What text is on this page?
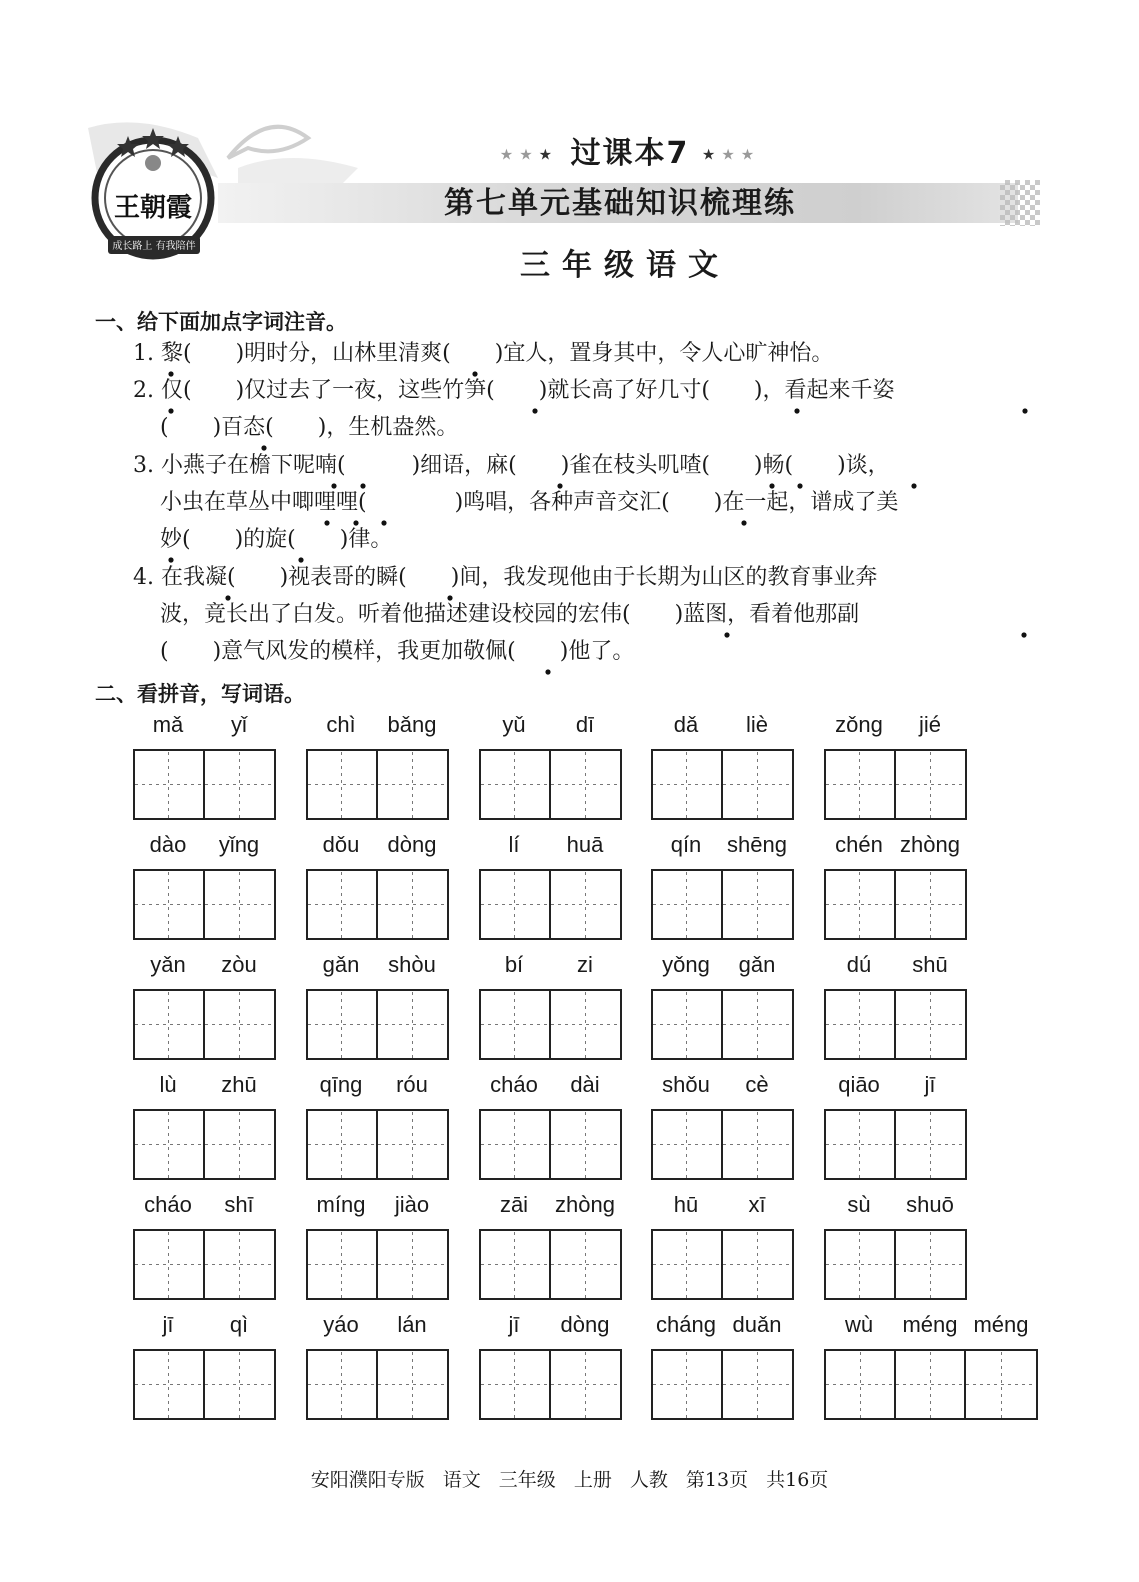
王朝霞
成长路上 有我陪伴
★★★ 过课本7 ★★★
第七单元基础知识梳理练
三年级语文
一、给下面加点字词注音。
1. 黎(　　)明时分，山林里清爽(　　)宜人，置身其中，令人心旷神怡。
2. 仅(　　)仅过去了一夜，这些竹笋(　　)就长高了好几寸(　　)，看起来千姿
(　　)百态(　　)，生机盎然。
3. 小燕子在檐下呢喃(　　　)细语，麻(　　)雀在枝头叽喳(　　)畅(　　)谈，
小虫在草丛中唧哩哩(　　　　)鸣唱，各种声音交汇(　　)在一起，谱成了美
妙(　　)的旋(　　)律。
4. 在我凝(　　)视表哥的瞬(　　)间，我发现他由于长期为山区的教育事业奔
波，竟长出了白发。听着他描述建设校园的宏伟(　　)蓝图，看着他那副
(　　)意气风发的模样，我更加敬佩(　　)他了。
二、看拼音，写词语。
mǎ	yǐ	chì	bǎng	yǔ	dī	dǎ	liè	zǒng	jié
dào	yǐng	dǒu	dòng	lí	huā	qín	shēng	chén zhòng
yǎn	zòu	gǎn	shòu	bí	zi	yǒng	gǎn	dú	shū
lù	zhū	qīng	róu	cháo	dài	shǒu	cè	qiāo	jī
cháo	shī	míng	jiào	zāi	zhòng	hū	xī	sù	shuō
jī	qì	yáo	lán	jī	dòng	cháng duǎn	wù	méng méng
安阳濮阳专版 语文 三年级 上册 人教 第13页 共16页
